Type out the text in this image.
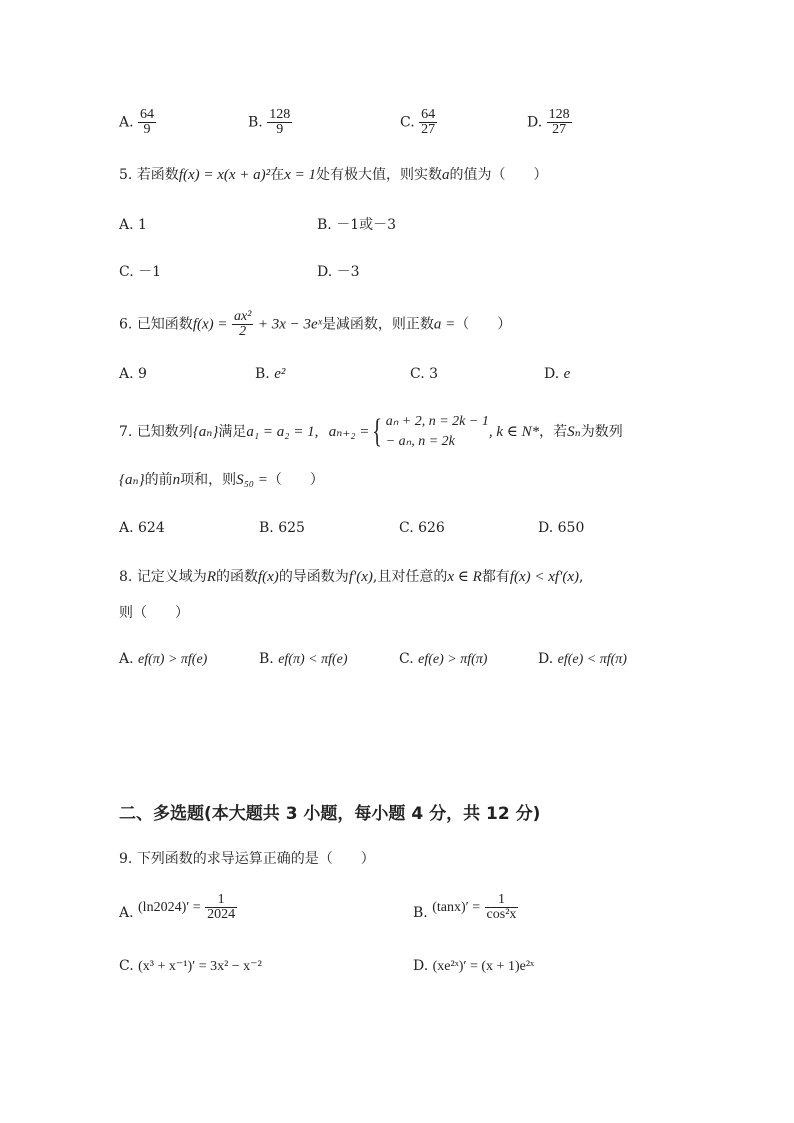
A. $\frac{64}{9}$	B. $\frac{128}{9}$	C. $\frac{64}{27}$	D. $\frac{128}{27}$
5. 若函数f(x) = x(x + a)²在x = 1处有极大值，则实数a的值为（　　）
A. 1	B. －1或－3
C. －1	D. －3
6. 已知函数$f(x) = \frac{\text{ax²}}{2} + 3x$ − 3eˣ是减函数，则正数a =（　　）
A. 9	B. e²	C. 3	D. e
7. 已知数列{aₙ}满足a₁ = a₂ = 1, aₙ₊₂ ={ aₙ + 2, n = 2k − 1
− aₙ, n = 2k
, k ∈ N*，若Sₙ为数列
{aₙ}的前n项和，则S₅₀ =（　　）
A. 624	B. 625	C. 626	D. 650
8. 记定义域为R的函数f(x)的导函数为f′(x),且对任意的x ∈ R都有f(x) < xf′(x),
则（　　）
A. ef(π) > πf(e)	B. ef(π) < πf(e)	C. ef(e) > πf(π)	D. ef(e) < πf(π)
二、多选题(本大题共 3 小题，每小题 4 分，共 12 分)
9. 下列函数的求导运算正确的是（　　）
A. $(\ln 2024)' = \frac{1}{2024}$	B. $(\tan x)' = \frac{1}{\text{cos²x}}$
C. (x³ + x⁻¹)′ = 3x² − x⁻²	D. (xe²ˣ)′ = (x + 1)e²ˣ
